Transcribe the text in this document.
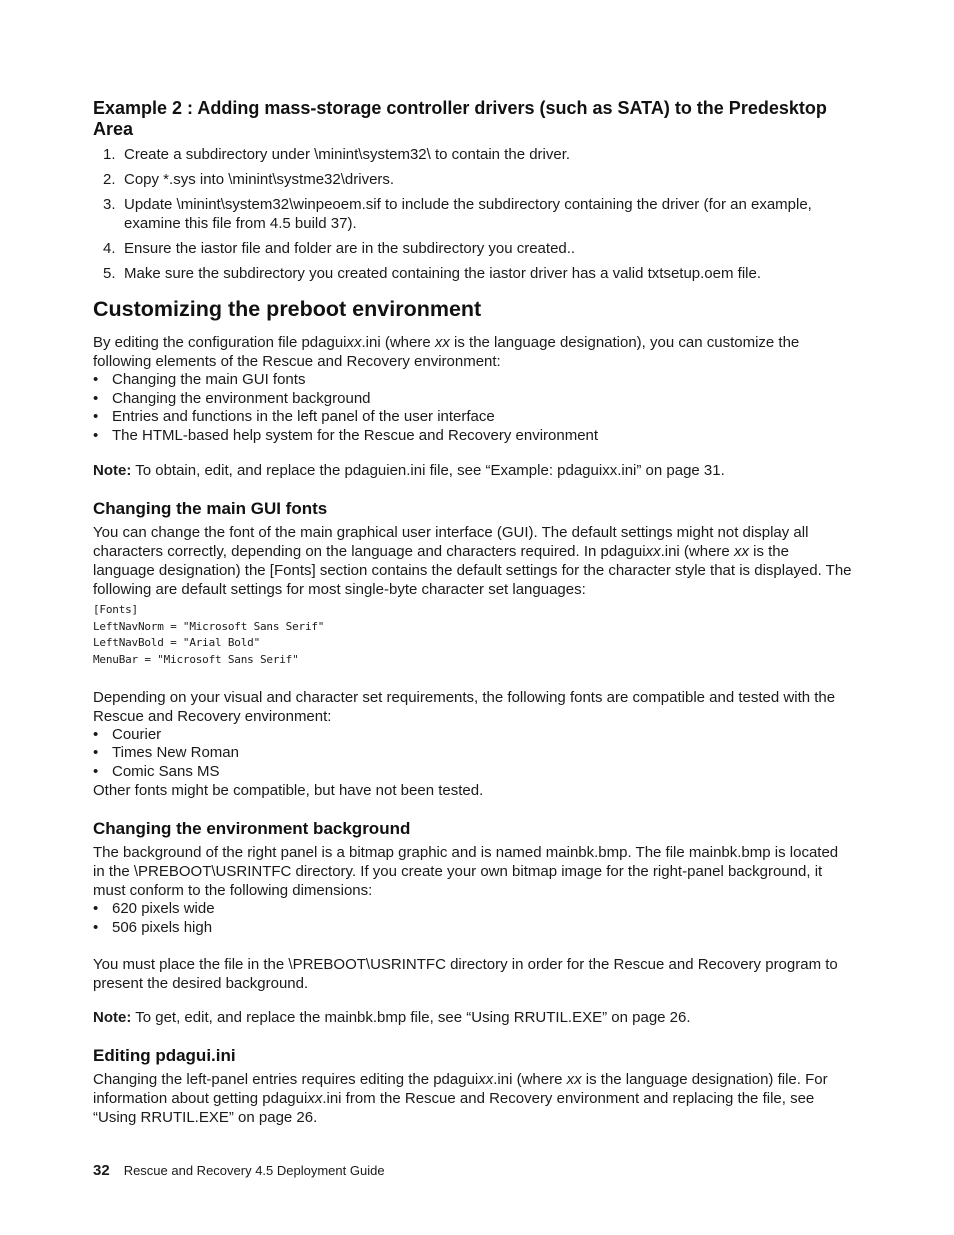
Example 2 : Adding mass-storage controller drivers (such as SATA) to the Predesktop Area
1. Create a subdirectory under \minint\system32\ to contain the driver.
2. Copy *.sys into \minint\systme32\drivers.
3. Update \minint\system32\winpeoem.sif to include the subdirectory containing the driver (for an example, examine this file from 4.5 build 37).
4. Ensure the iastor file and folder are in the subdirectory you created..
5. Make sure the subdirectory you created containing the iastor driver has a valid txtsetup.oem file.
Customizing the preboot environment

By editing the configuration file pdaguixx.ini (where xx is the language designation), you can customize the following elements of the Rescue and Recovery environment:

• Changing the main GUI fonts
• Changing the environment background
• Entries and functions in the left panel of the user interface
• The HTML-based help system for the Rescue and Recovery environment

Note: To obtain, edit, and replace the pdaguien.ini file, see “Example: pdaguixx.ini” on page 31.

Changing the main GUI fonts

You can change the font of the main graphical user interface (GUI). The default settings might not display all characters correctly, depending on the language and characters required. In pdaguixx.ini (where xx is the language designation) the [Fonts] section contains the default settings for the character style that is displayed. The following are default settings for most single-byte character set languages:

[Fonts]
LeftNavNorm = "Microsoft Sans Serif"
LeftNavBold = "Arial Bold"
MenuBar = "Microsoft Sans Serif"

Depending on your visual and character set requirements, the following fonts are compatible and tested with the Rescue and Recovery environment:

• Courier
• Times New Roman
• Comic Sans MS

Other fonts might be compatible, but have not been tested.

Changing the environment background

The background of the right panel is a bitmap graphic and is named mainbk.bmp. The file mainbk.bmp is located in the \PREBOOT\USRINTFC directory. If you create your own bitmap image for the right-panel background, it must conform to the following dimensions:

• 620 pixels wide
• 506 pixels high

You must place the file in the \PREBOOT\USRINTFC directory in order for the Rescue and Recovery program to present the desired background.

Note: To get, edit, and replace the mainbk.bmp file, see “Using RRUTIL.EXE” on page 26.

Editing pdagui.ini

Changing the left-panel entries requires editing the pdaguixx.ini (where xx is the language designation) file. For information about getting pdaguixx.ini from the Rescue and Recovery environment and replacing the file, see “Using RRUTIL.EXE” on page 26.

32 Rescue and Recovery 4.5 Deployment Guide
